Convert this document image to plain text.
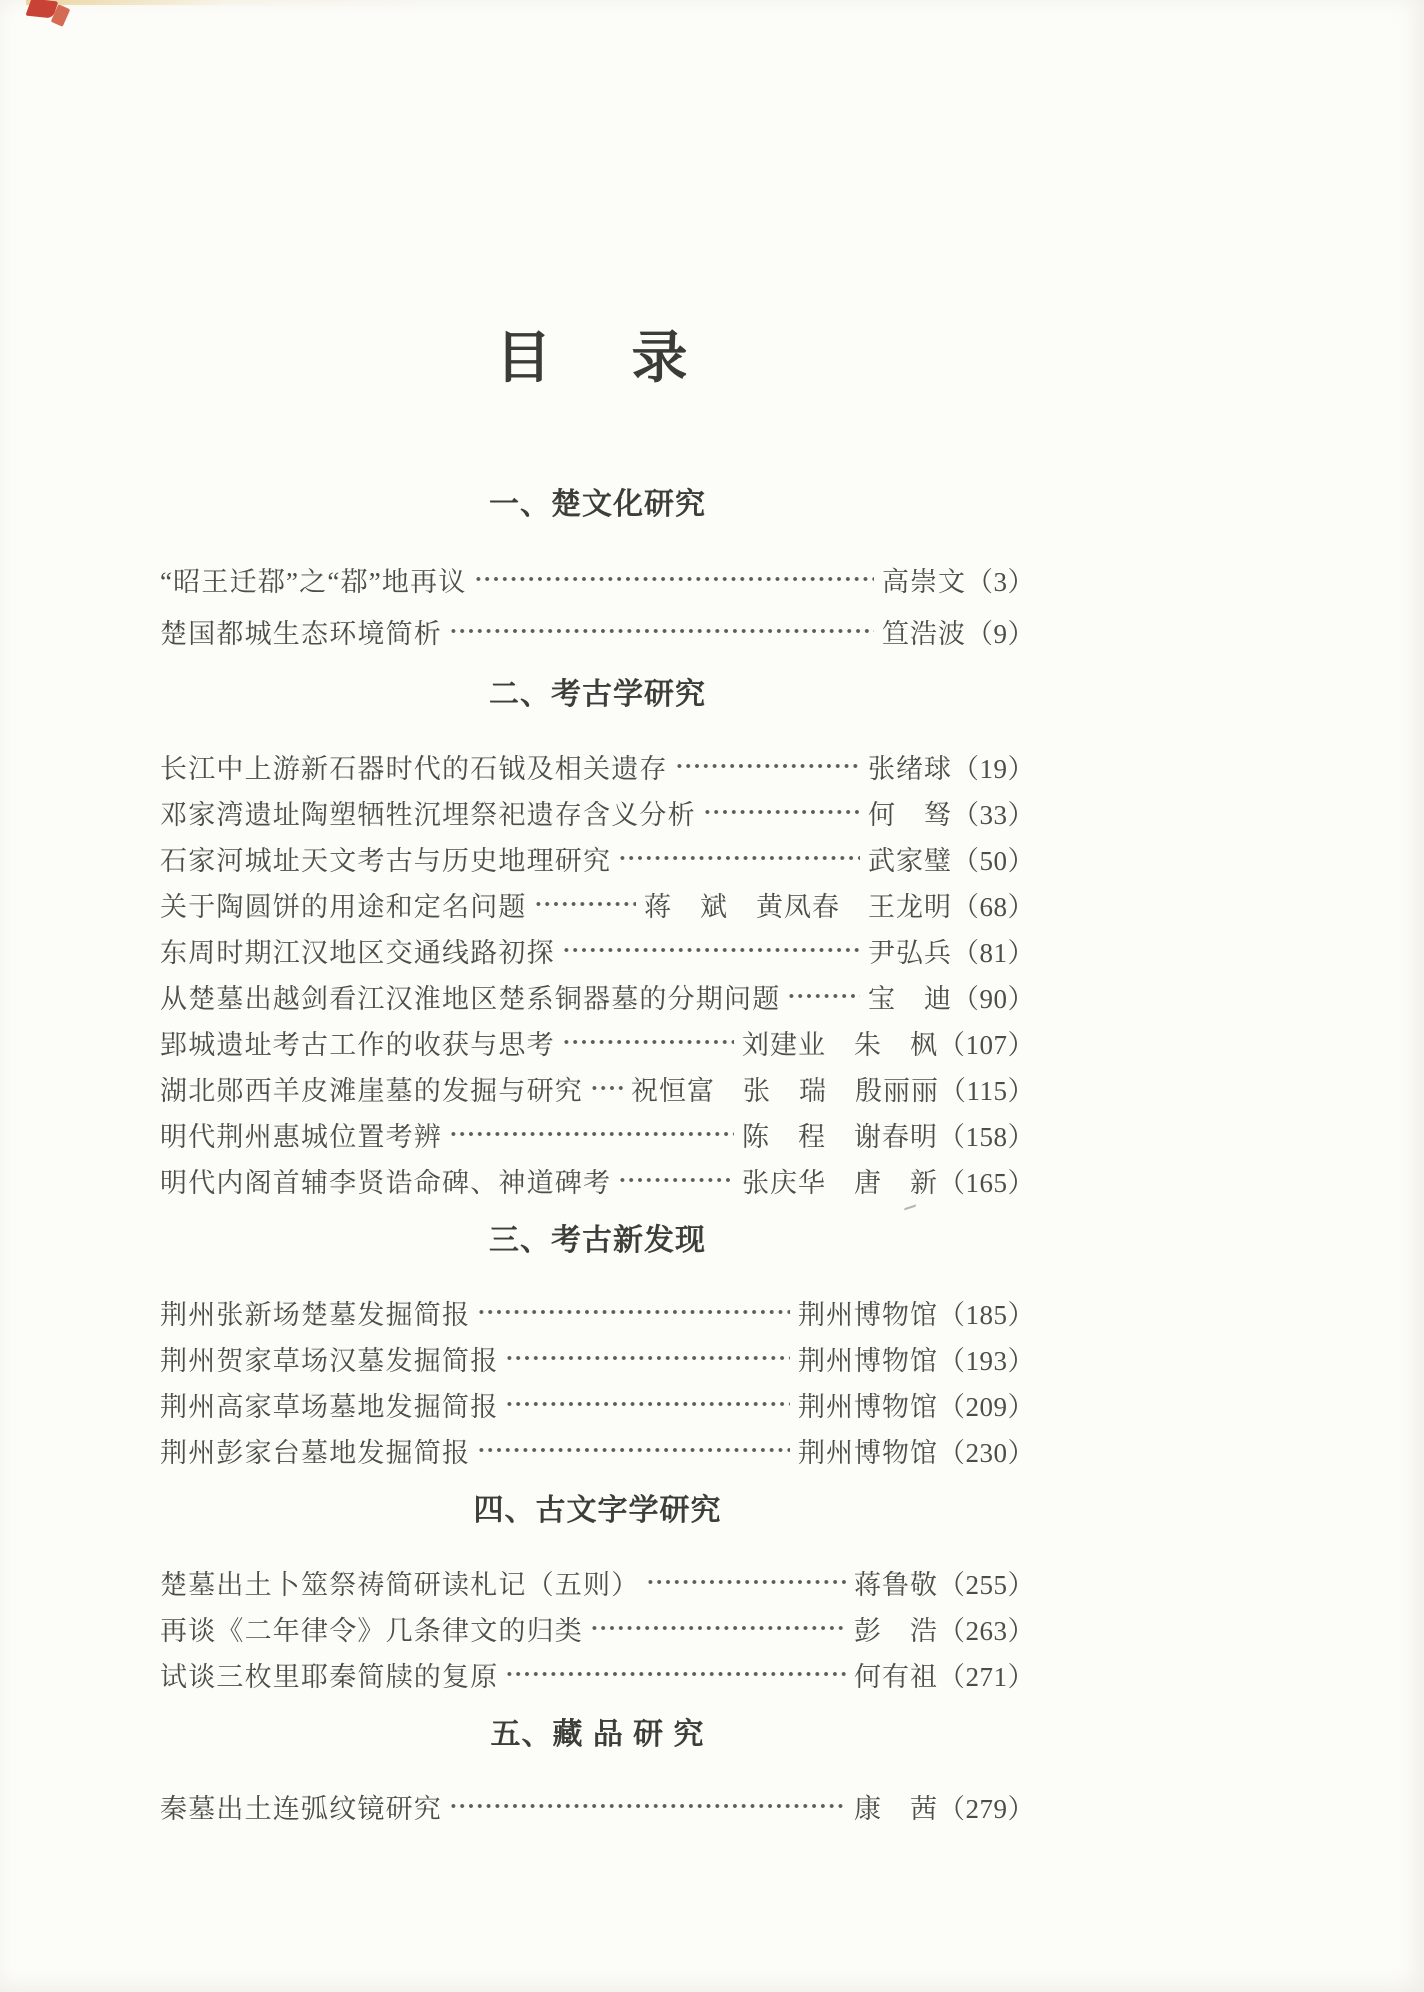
目　录
一、楚文化研究
“昭王迁鄀”之“鄀”地再议	高崇文 （3）
楚国都城生态环境简析	笪浩波 （9）
二、考古学研究
长江中上游新石器时代的石钺及相关遗存	张绪球 （19）
邓家湾遗址陶塑牺牲沉埋祭祀遗存含义分析	何　驽 （33）
石家河城址天文考古与历史地理研究	武家璧 （50）
关于陶圆饼的用途和定名问题	蒋　斌　黄凤春　王龙明 （68）
东周时期江汉地区交通线路初探	尹弘兵 （81）
从楚墓出越剑看江汉淮地区楚系铜器墓的分期问题	宝　迪 （90）
郢城遗址考古工作的收获与思考	刘建业　朱　枫 （107）
湖北郧西羊皮滩崖墓的发掘与研究 祝恒富　张　瑞　殷丽丽 （115）
明代荆州惠城位置考辨	陈　程　谢春明 （158）
明代内阁首辅李贤诰命碑、神道碑考	张庆华　唐　新 （165）
三、考古新发现
荆州张新场楚墓发掘简报	荆州博物馆 （185）
荆州贺家草场汉墓发掘简报	荆州博物馆 （193）
荆州高家草场墓地发掘简报	荆州博物馆 （209）
荆州彭家台墓地发掘简报	荆州博物馆 （230）
四、古文字学研究
楚墓出土卜筮祭祷简研读札记（五则）	蒋鲁敬 （255）
再谈《二年律令》几条律文的归类	彭　浩 （263）
试谈三枚里耶秦简牍的复原	何有祖 （271）
五、藏 品 研 究
秦墓出土连弧纹镜研究	康　茜 （279）
